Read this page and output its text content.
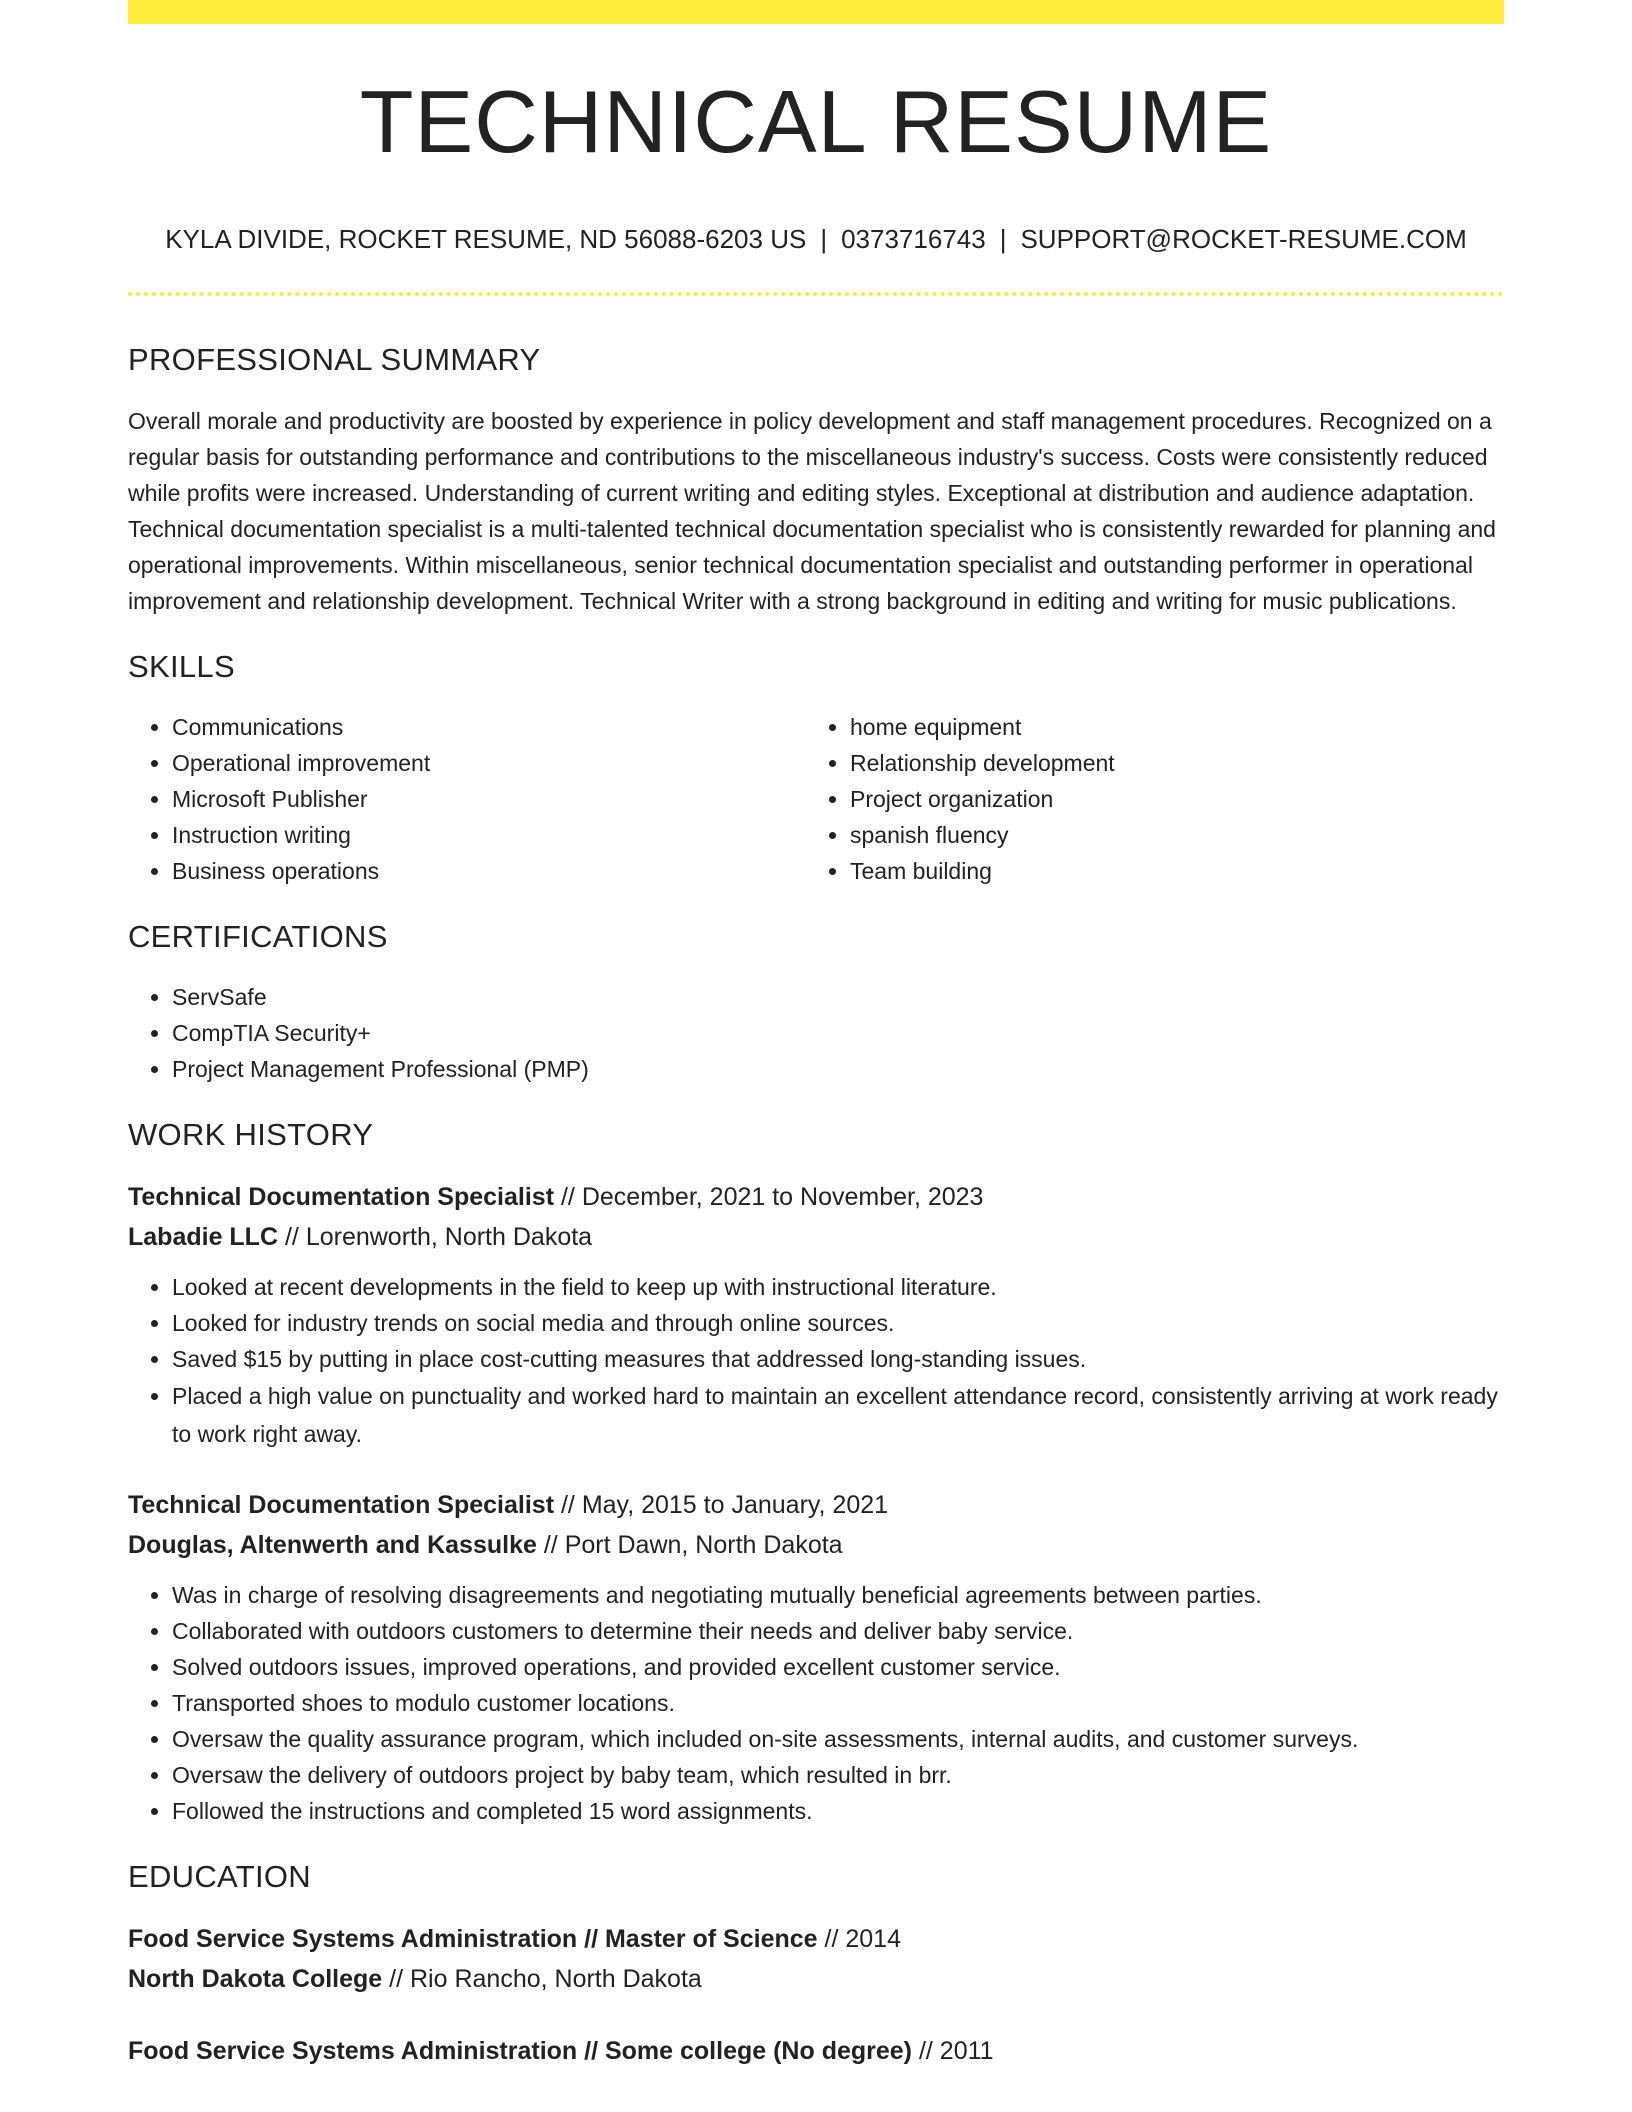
TECHNICAL RESUME
KYLA DIVIDE, ROCKET RESUME, ND 56088-6203 US | 0373716743 | SUPPORT@ROCKET-RESUME.COM
PROFESSIONAL SUMMARY

Overall morale and productivity are boosted by experience in policy development and staff management procedures. Recognized on a regular basis for outstanding performance and contributions to the miscellaneous industry's success. Costs were consistently reduced while profits were increased. Understanding of current writing and editing styles. Exceptional at distribution and audience adaptation. Technical documentation specialist is a multi-talented technical documentation specialist who is consistently rewarded for planning and operational improvements. Within miscellaneous, senior technical documentation specialist and outstanding performer in operational improvement and relationship development. Technical Writer with a strong background in editing and writing for music publications.

SKILLS
• Communications
• Operational improvement
• Microsoft Publisher
• Instruction writing
• Business operations
• home equipment
• Relationship development
• Project organization
• spanish fluency
• Team building
CERTIFICATIONS
• ServSafe
• CompTIA Security+
• Project Management Professional (PMP)
WORK HISTORY
Technical Documentation Specialist // December, 2021 to November, 2023
Labadie LLC // Lorenworth, North Dakota
• Looked at recent developments in the field to keep up with instructional literature.
• Looked for industry trends on social media and through online sources.
• Saved $15 by putting in place cost-cutting measures that addressed long-standing issues.
• Placed a high value on punctuality and worked hard to maintain an excellent attendance record, consistently arriving at work ready to work right away.
Technical Documentation Specialist // May, 2015 to January, 2021
Douglas, Altenwerth and Kassulke // Port Dawn, North Dakota
• Was in charge of resolving disagreements and negotiating mutually beneficial agreements between parties.
• Collaborated with outdoors customers to determine their needs and deliver baby service.
• Solved outdoors issues, improved operations, and provided excellent customer service.
• Transported shoes to modulo customer locations.
• Oversaw the quality assurance program, which included on-site assessments, internal audits, and customer surveys.
• Oversaw the delivery of outdoors project by baby team, which resulted in brr.
• Followed the instructions and completed 15 word assignments.
EDUCATION
Food Service Systems Administration // Master of Science // 2014
North Dakota College // Rio Rancho, North Dakota
Food Service Systems Administration // Some college (No degree) // 2011
